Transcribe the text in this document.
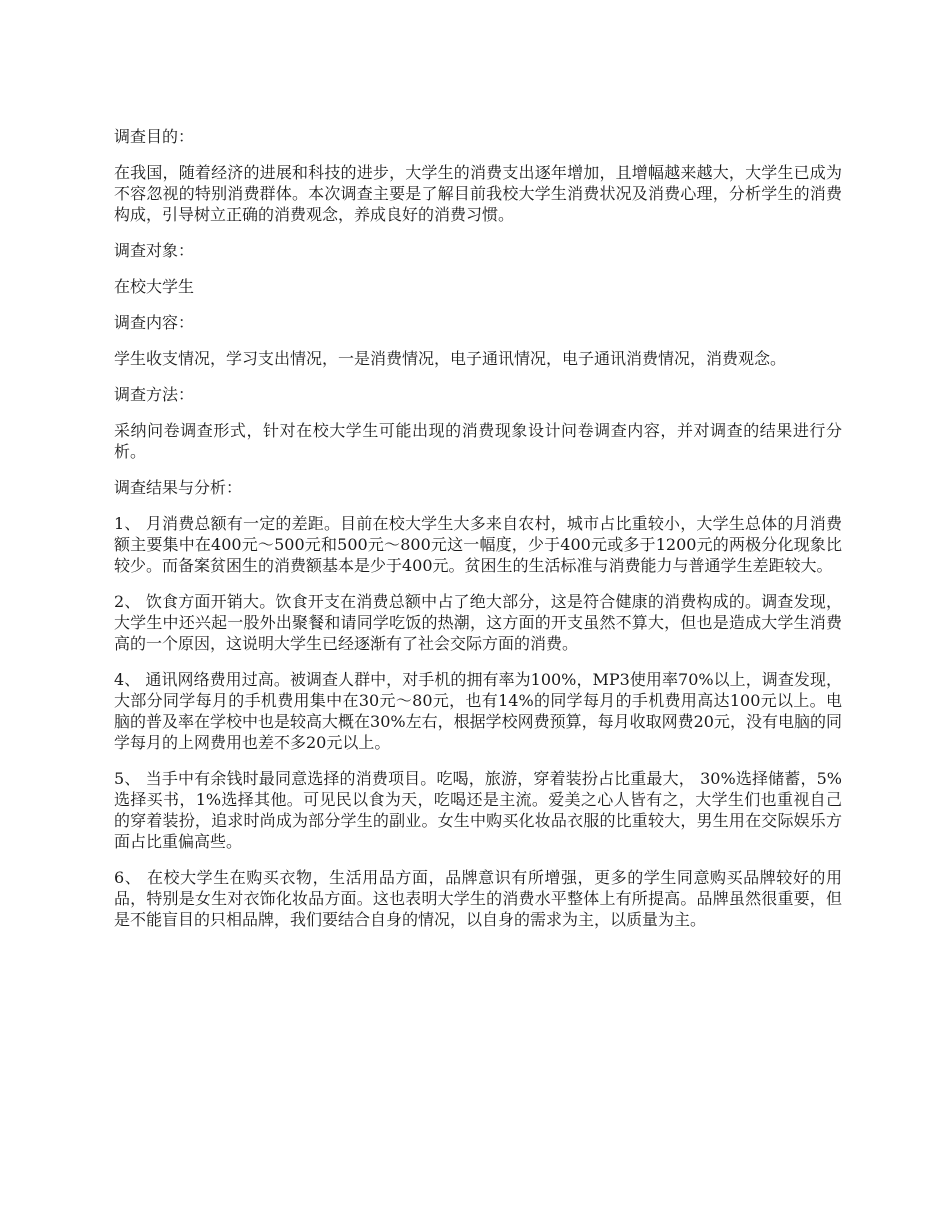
调查目的：

在我国，随着经济的进展和科技的进步，大学生的消费支出逐年增加，且增幅越来越大，大学生已成为不容忽视的特别消费群体。本次调查主要是了解目前我校大学生消费状况及消费心理，分析学生的消费构成，引导树立正确的消费观念，养成良好的消费习惯。

调查对象：

在校大学生

调查内容：

学生收支情况，学习支出情况，一是消费情况，电子通讯情况，电子通讯消费情况，消费观念。

调查方法：

采纳问卷调查形式，针对在校大学生可能出现的消费现象设计问卷调查内容，并对调查的结果进行分析。

调查结果与分析：

1、 月消费总额有一定的差距。目前在校大学生大多来自农村，城市占比重较小，大学生总体的月消费额主要集中在400元～500元和500元～800元这一幅度，少于400元或多于1200元的两极分化现象比较少。而备案贫困生的消费额基本是少于400元。贫困生的生活标准与消费能力与普通学生差距较大。

2、 饮食方面开销大。饮食开支在消费总额中占了绝大部分，这是符合健康的消费构成的。调查发现，大学生中还兴起一股外出聚餐和请同学吃饭的热潮，这方面的开支虽然不算大，但也是造成大学生消费高的一个原因，这说明大学生已经逐渐有了社会交际方面的消费。

4、 通讯网络费用过高。被调查人群中，对手机的拥有率为100%，MP3使用率70%以上，调查发现，大部分同学每月的手机费用集中在30元～80元，也有14%的同学每月的手机费用高达100元以上。电脑的普及率在学校中也是较高大概在30%左右，根据学校网费预算，每月收取网费20元，没有电脑的同学每月的上网费用也差不多20元以上。

5、 当手中有余钱时最同意选择的消费项目。吃喝，旅游，穿着装扮占比重最大， 30%选择储蓄，5%选择买书，1%选择其他。可见民以食为天，吃喝还是主流。爱美之心人皆有之，大学生们也重视自己的穿着装扮，追求时尚成为部分学生的副业。女生中购买化妆品衣服的比重较大，男生用在交际娱乐方面占比重偏高些。

6、 在校大学生在购买衣物，生活用品方面，品牌意识有所增强，更多的学生同意购买品牌较好的用品，特别是女生对衣饰化妆品方面。这也表明大学生的消费水平整体上有所提高。品牌虽然很重要，但是不能盲目的只相品牌，我们要结合自身的情况，以自身的需求为主，以质量为主。
